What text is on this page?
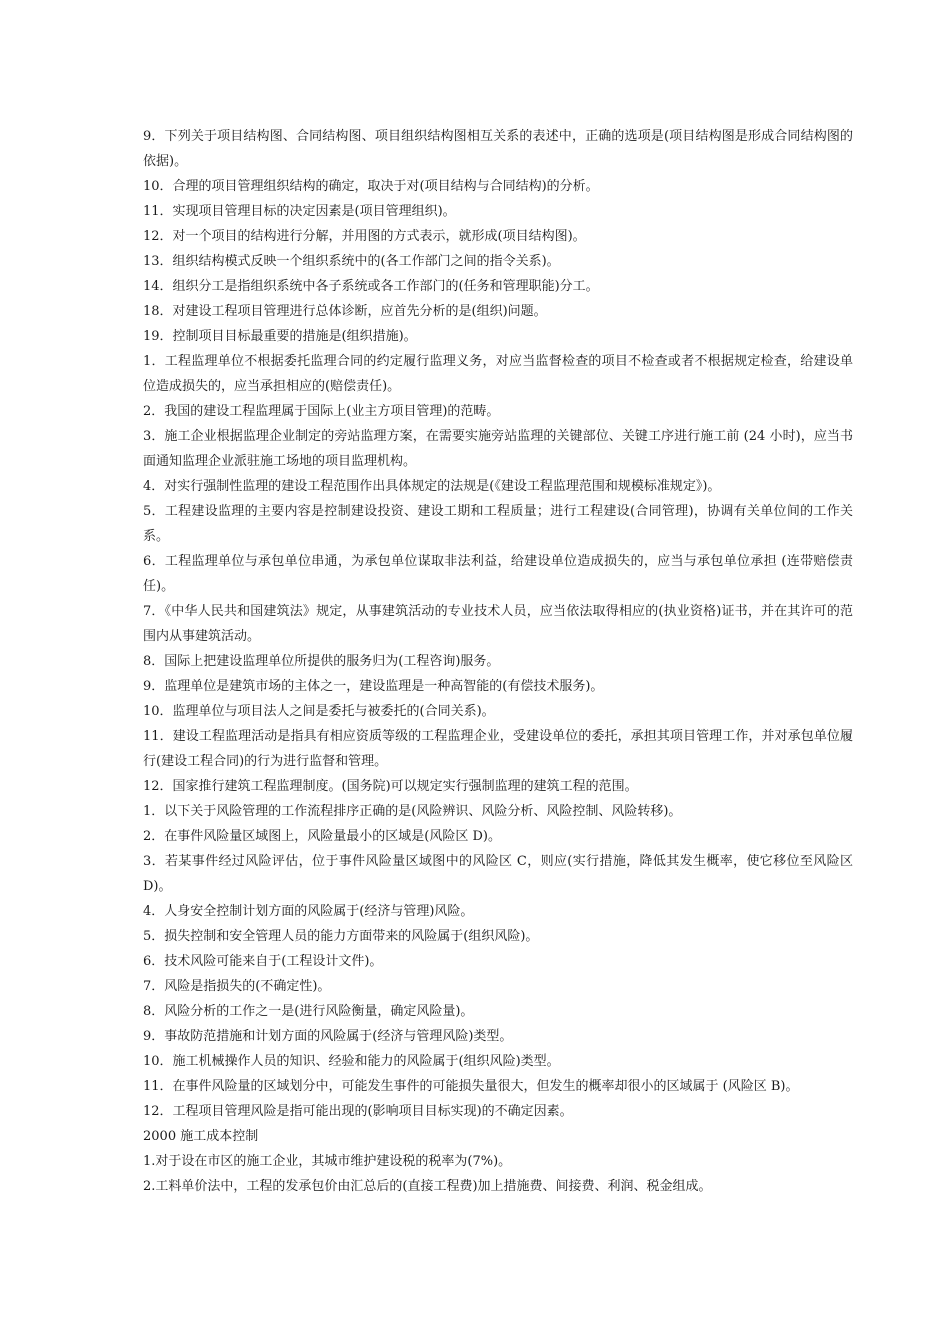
9．下列关于项目结构图、合同结构图、项目组织结构图相互关系的表述中，正确的选项是(项目结构图是形成合同结构图的依据)。

10．合理的项目管理组织结构的确定，取决于对(项目结构与合同结构)的分析。

11．实现项目管理目标的决定因素是(项目管理组织)。

12．对一个项目的结构进行分解，并用图的方式表示，就形成(项目结构图)。

13．组织结构模式反映一个组织系统中的(各工作部门之间的指令关系)。

14．组织分工是指组织系统中各子系统或各工作部门的(任务和管理职能)分工。

18．对建设工程项目管理进行总体诊断，应首先分析的是(组织)问题。

19．控制项目目标最重要的措施是(组织措施)。

1．工程监理单位不根据委托监理合同的约定履行监理义务，对应当监督检查的项目不检查或者不根据规定检查，给建设单位造成损失的，应当承担相应的(赔偿责任)。

2．我国的建设工程监理属于国际上(业主方项目管理)的范畴。

3．施工企业根据监理企业制定的旁站监理方案，在需要实施旁站监理的关键部位、关键工序进行施工前 (24 小时)，应当书面通知监理企业派驻施工场地的项目监理机构。

4．对实行强制性监理的建设工程范围作出具体规定的法规是(《建设工程监理范围和规模标准规定》)。

5．工程建设监理的主要内容是控制建设投资、建设工期和工程质量；进行工程建设(合同管理)，协调有关单位间的工作关系。

6．工程监理单位与承包单位串通，为承包单位谋取非法利益，给建设单位造成损失的，应当与承包单位承担 (连带赔偿责任)。

7．《中华人民共和国建筑法》规定，从事建筑活动的专业技术人员，应当依法取得相应的(执业资格)证书，并在其许可的范围内从事建筑活动。

8．国际上把建设监理单位所提供的服务归为(工程咨询)服务。

9．监理单位是建筑市场的主体之一，建设监理是一种高智能的(有偿技术服务)。

10．监理单位与项目法人之间是委托与被委托的(合同关系)。

11．建设工程监理活动是指具有相应资质等级的工程监理企业，受建设单位的委托，承担其项目管理工作，并对承包单位履行(建设工程合同)的行为进行监督和管理。

12．国家推行建筑工程监理制度。(国务院)可以规定实行强制监理的建筑工程的范围。

1．以下关于风险管理的工作流程排序正确的是(风险辨识、风险分析、风险控制、风险转移)。

2．在事件风险量区域图上，风险量最小的区域是(风险区 D)。

3．若某事件经过风险评估，位于事件风险量区域图中的风险区 C，则应(实行措施，降低其发生概率，使它移位至风险区 D)。

4．人身安全控制计划方面的风险属于(经济与管理)风险。

5．损失控制和安全管理人员的能力方面带来的风险属于(组织风险)。

6．技术风险可能来自于(工程设计文件)。

7．风险是指损失的(不确定性)。

8．风险分析的工作之一是(进行风险衡量，确定风险量)。

9．事故防范措施和计划方面的风险属于(经济与管理风险)类型。

10．施工机械操作人员的知识、经验和能力的风险属于(组织风险)类型。

11．在事件风险量的区域划分中，可能发生事件的可能损失量很大，但发生的概率却很小的区域属于 (风险区 B)。

12．工程项目管理风险是指可能出现的(影响项目目标实现)的不确定因素。

2000 施工成本控制

1.对于设在市区的施工企业，其城市维护建设税的税率为(7%)。

2.工料单价法中，工程的发承包价由汇总后的(直接工程费)加上措施费、间接费、利润、税金组成。
